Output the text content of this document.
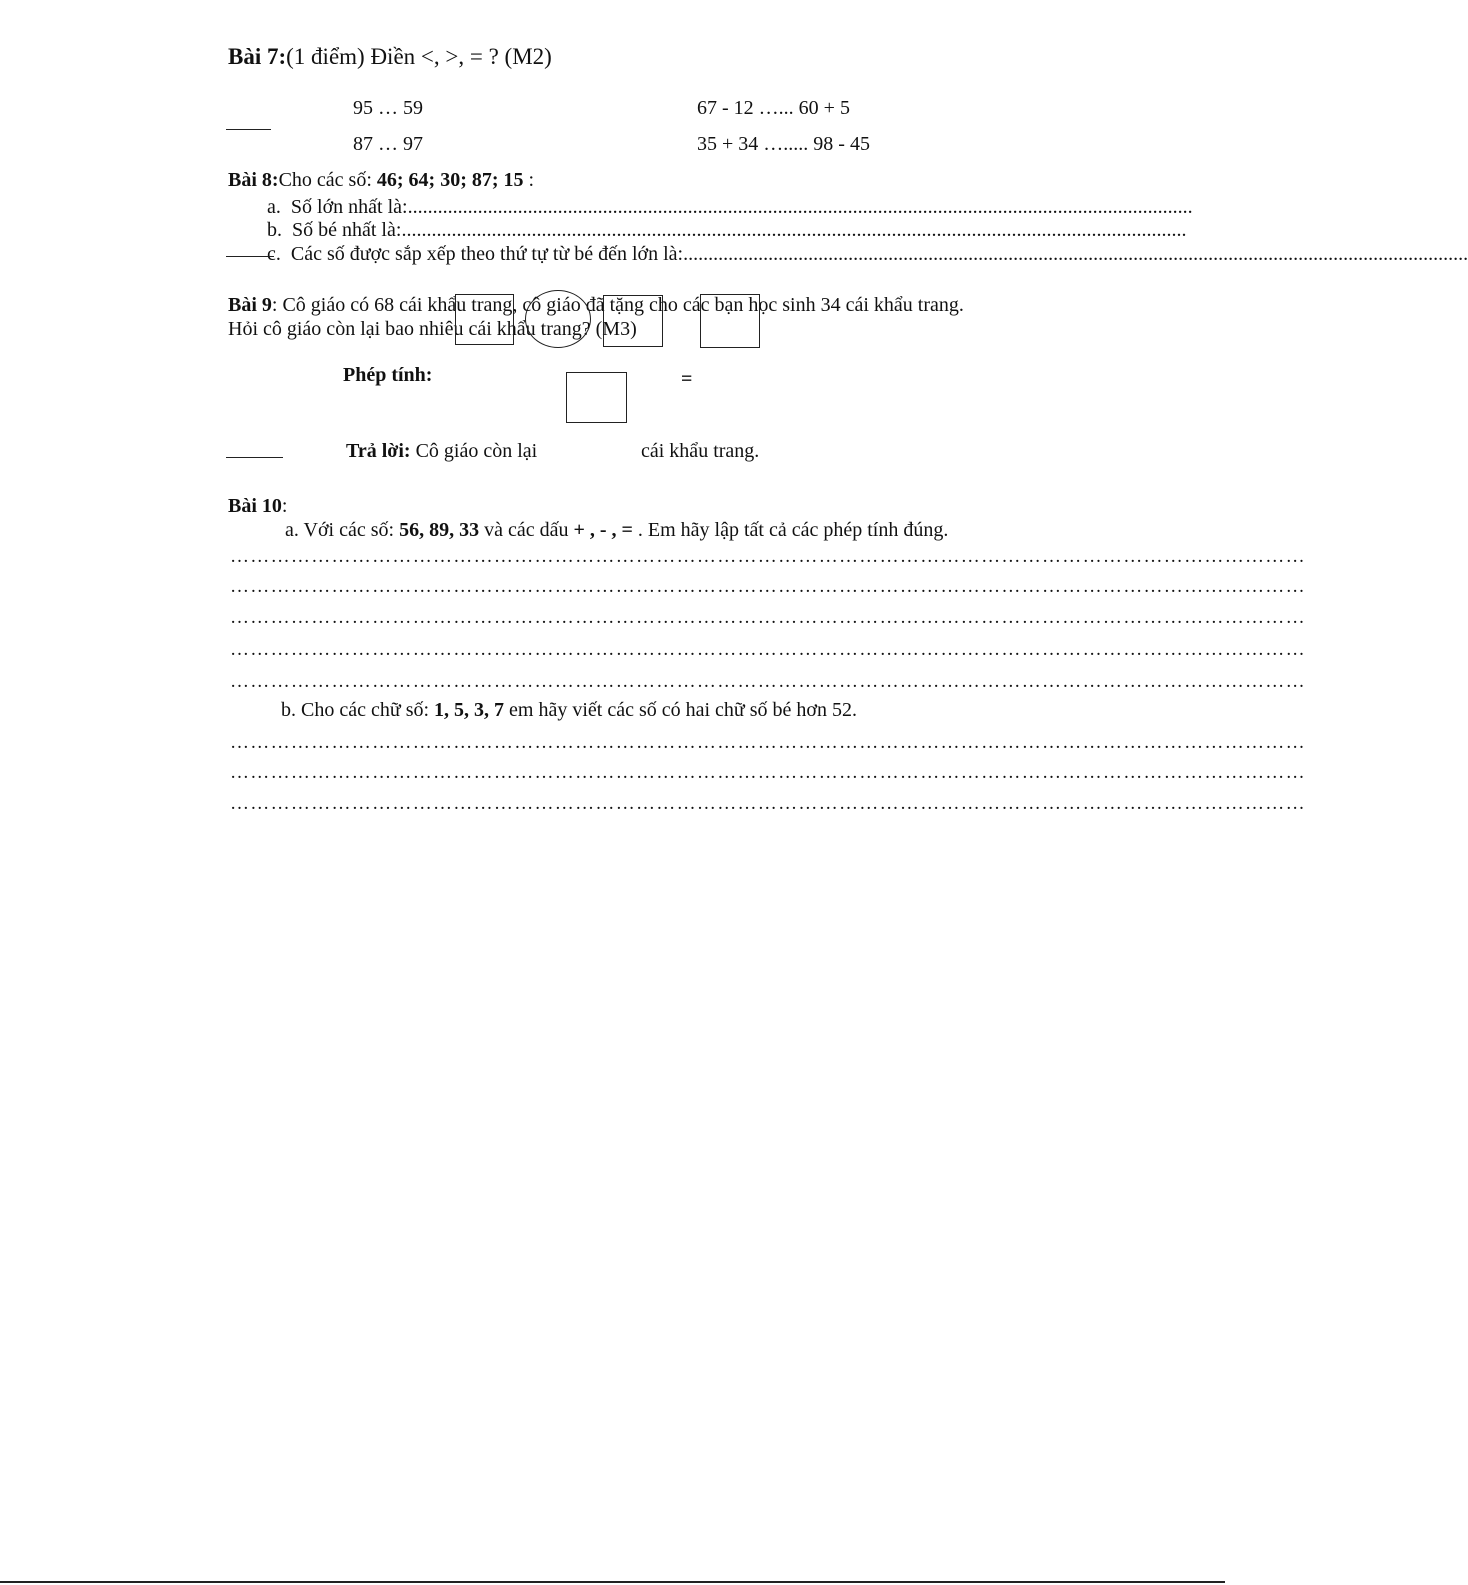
Bài 7:(1 điểm) Điền <, >, = ? (M2)
95 … 59
87 … 97
67 - 12 …... 60 + 5
35 + 34 …..... 98 - 45
Bài 8:Cho các số: 46; 64; 30; 87; 15 :
a. Số lớn nhất là:.............................................................................................................................................................
b. Số bé nhất là:.............................................................................................................................................................
c. Các số được sắp xếp theo thứ tự từ bé đến lớn là:.............................................................................................................................................................
Bài 9: Cô giáo có 68 cái khẩu trang, cô giáo đã tặng cho các bạn học sinh 34 cái khẩu trang.
Hỏi cô giáo còn lại bao nhiêu cái khẩu trang? (M3)
Phép tính:	=
Trả lời: Cô giáo còn lại	cái khẩu trang.
Bài 10:
a. Với các số: 56, 89, 33 và các dấu + , - , = . Em hãy lập tất cả các phép tính đúng.
……………………………………………………………………………………………………………………………………………
……………………………………………………………………………………………………………………………………………
……………………………………………………………………………………………………………………………………………
……………………………………………………………………………………………………………………………………………
……………………………………………………………………………………………………………………………………………
b. Cho các chữ số: 1, 5, 3, 7 em hãy viết các số có hai chữ số bé hơn 52.
……………………………………………………………………………………………………………………………………………
……………………………………………………………………………………………………………………………………………
……………………………………………………………………………………………………………………………………………
